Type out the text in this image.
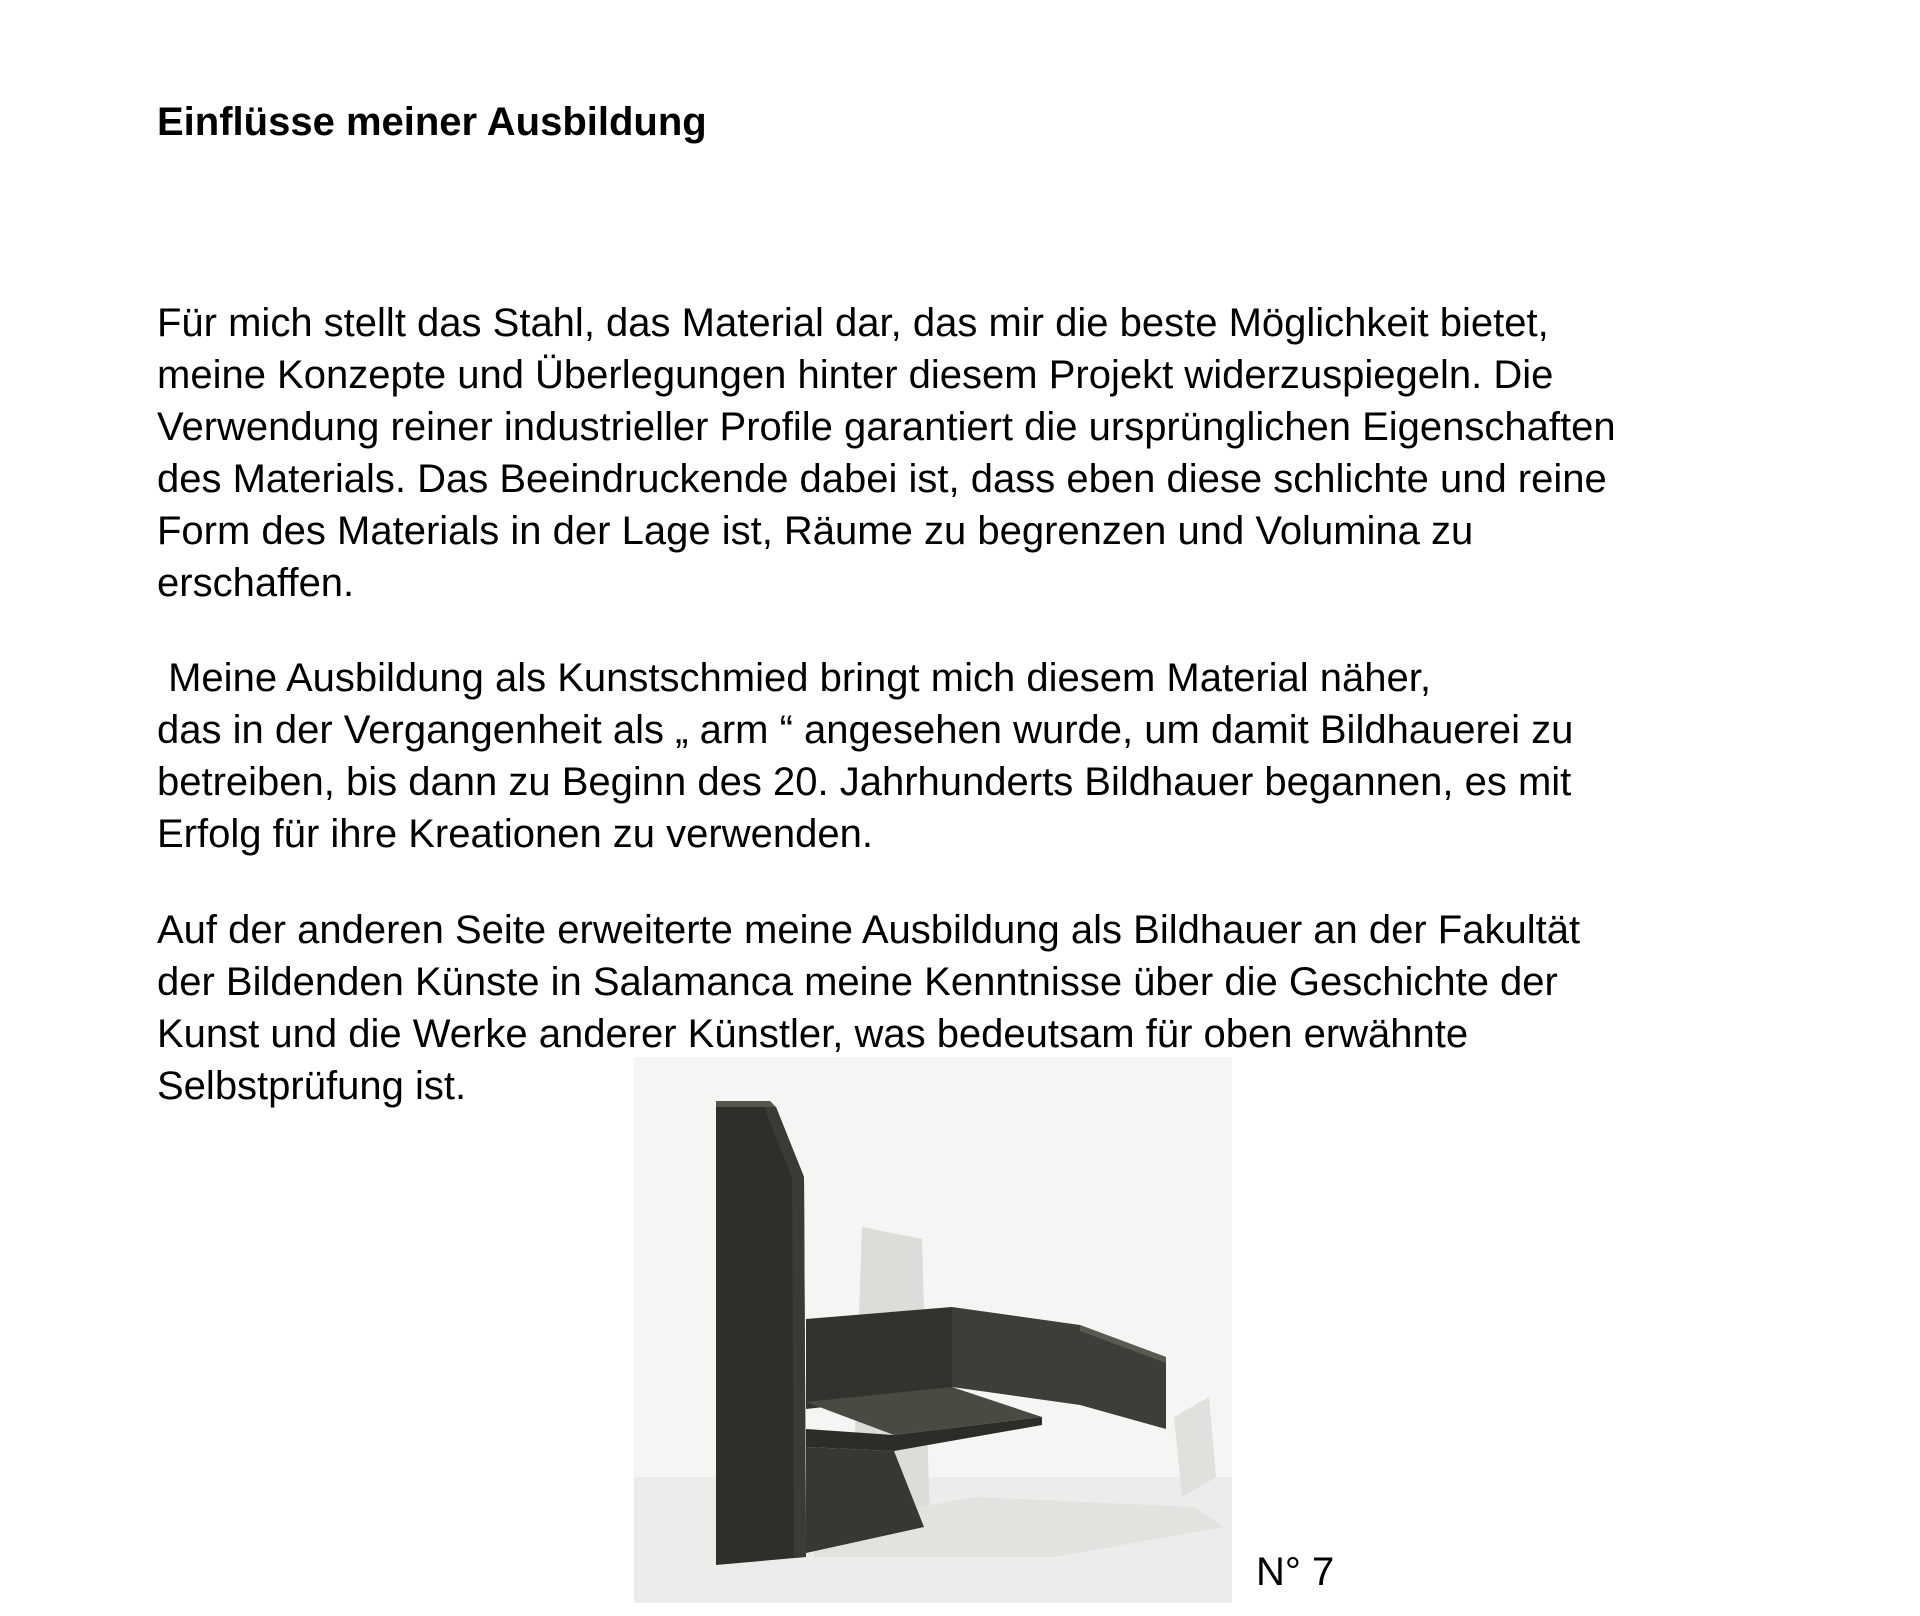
Einflüsse meiner Ausbildung

Für mich stellt das Stahl, das Material dar, das mir die beste Möglichkeit bietet,
meine Konzepte und Überlegungen hinter diesem Projekt widerzuspiegeln. Die
Verwendung reiner industrieller Profile garantiert die ursprünglichen Eigenschaften
des Materials. Das Beeindruckende dabei ist, dass eben diese schlichte und reine
Form des Materials in der Lage ist, Räume zu begrenzen und Volumina zu
erschaffen.

Meine Ausbildung als Kunstschmied bringt mich diesem Material näher,
das in der Vergangenheit als „ arm “ angesehen wurde, um damit Bildhauerei zu
betreiben, bis dann zu Beginn des 20. Jahrhunderts Bildhauer begannen, es mit
Erfolg für ihre Kreationen zu verwenden.

Auf der anderen Seite erweiterte meine Ausbildung als Bildhauer an der Fakultät
der Bildenden Künste in Salamanca meine Kenntnisse über die Geschichte der
Kunst und die Werke anderer Künstler, was bedeutsam für oben erwähnte
Selbstprüfung ist.

N° 7
